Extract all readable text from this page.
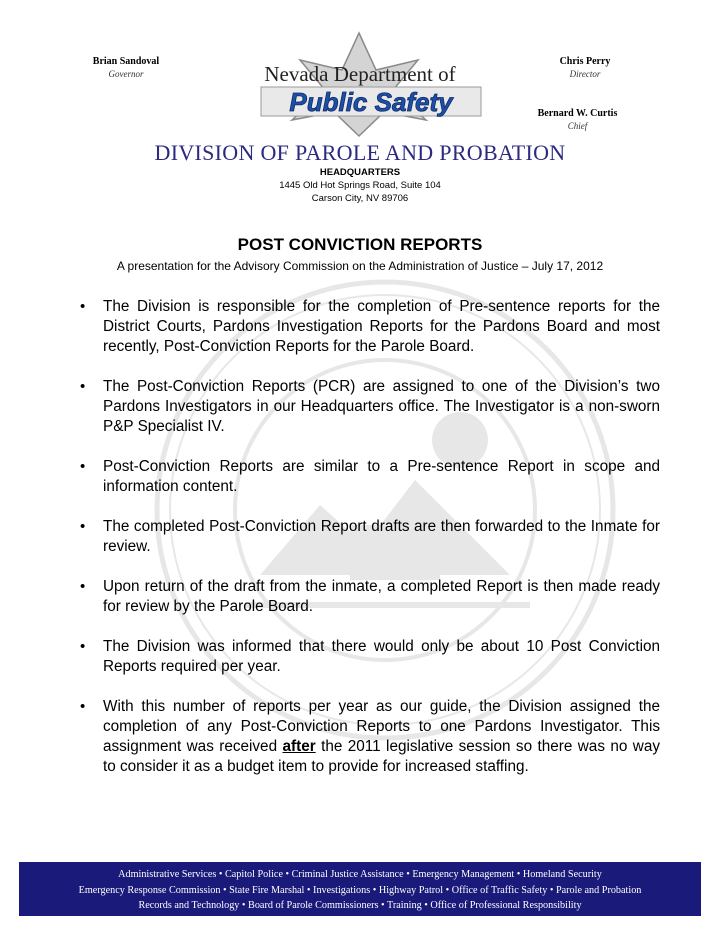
Brian Sandoval
Governor
Chris Perry
Director
Bernard W. Curtis
Chief
Nevada Department of
Public Safety
DIVISION OF PAROLE AND PROBATION
HEADQUARTERS
1445 Old Hot Springs Road, Suite 104
Carson City, NV 89706
POST CONVICTION REPORTS
A presentation for the Advisory Commission on the Administration of Justice – July 17, 2012
• The Division is responsible for the completion of Pre-sentence reports for the District Courts, Pardons Investigation Reports for the Pardons Board and most recently, Post-Conviction Reports for the Parole Board.
• The Post-Conviction Reports (PCR) are assigned to one of the Division’s two Pardons Investigators in our Headquarters office. The Investigator is a non-sworn P&P Specialist IV.
• Post-Conviction Reports are similar to a Pre-sentence Report in scope and information content.
• The completed Post-Conviction Report drafts are then forwarded to the Inmate for review.
• Upon return of the draft from the inmate, a completed Report is then made ready for review by the Parole Board.
• The Division was informed that there would only be about 10 Post Conviction Reports required per year.
• With this number of reports per year as our guide, the Division assigned the completion of any Post-Conviction Reports to one Pardons Investigator. This assignment was received after the 2011 legislative session so there was no way to consider it as a budget item to provide for increased staffing.
Administrative Services • Capitol Police • Criminal Justice Assistance • Emergency Management • Homeland Security
Emergency Response Commission • State Fire Marshal • Investigations • Highway Patrol • Office of Traffic Safety • Parole and Probation
Records and Technology • Board of Parole Commissioners • Training • Office of Professional Responsibility
